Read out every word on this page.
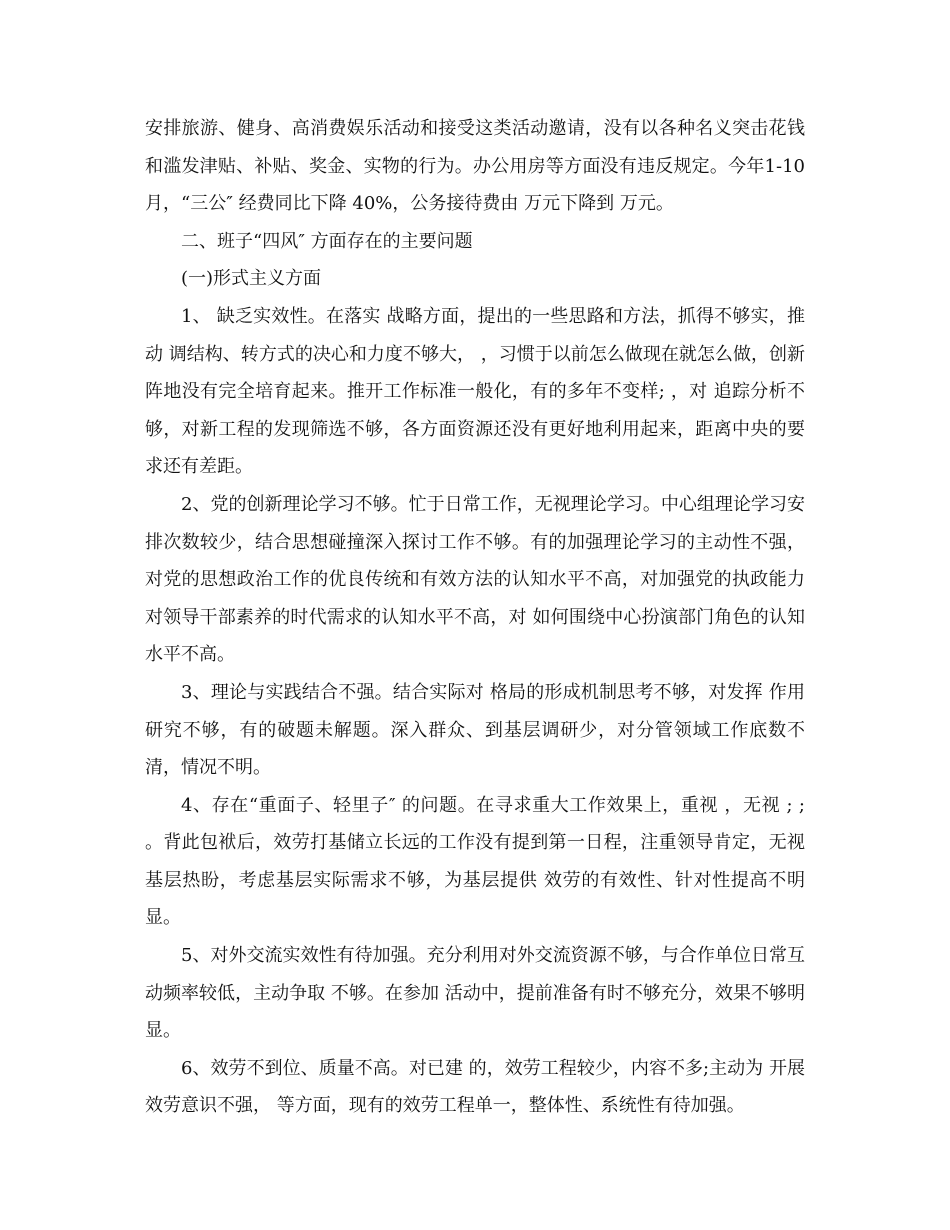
安排旅游、健身、高消费娱乐活动和接受这类活动邀请，没有以各种名义突击花钱和滥发津贴、补贴、奖金、实物的行为。办公用房等方面没有违反规定。今年1-10月，“三公″ 经费同比下降 40%，公务接待费由 万元下降到 万元。

二、班子“四风″ 方面存在的主要问题

(一)形式主义方面

1、 缺乏实效性。在落实 战略方面，提出的一些思路和方法，抓得不够实，推动 调结构、转方式的决心和力度不够大， ，习惯于以前怎么做现在就怎么做，创新阵地没有完全培育起来。推开工作标准一般化，有的多年不变样; ，对 追踪分析不够，对新工程的发现筛选不够，各方面资源还没有更好地利用起来，距离中央的要求还有差距。

2、党的创新理论学习不够。忙于日常工作，无视理论学习。中心组理论学习安排次数较少，结合思想碰撞深入探讨工作不够。有的加强理论学习的主动性不强，对党的思想政治工作的优良传统和有效方法的认知水平不高，对加强党的执政能力对领导干部素养的时代需求的认知水平不高，对 如何围绕中心扮演部门角色的认知水平不高。

3、理论与实践结合不强。结合实际对 格局的形成机制思考不够，对发挥 作用研究不够，有的破题未解题。深入群众、到基层调研少，对分管领域工作底数不清，情况不明。

4、存在“重面子、轻里子″ 的问题。在寻求重大工作效果上，重视 ，无视 ; ; 。背此包袱后，效劳打基储立长远的工作没有提到第一日程，注重领导肯定，无视基层热盼，考虑基层实际需求不够，为基层提供 效劳的有效性、针对性提高不明显。

5、对外交流实效性有待加强。充分利用对外交流资源不够，与合作单位日常互动频率较低，主动争取 不够。在参加 活动中，提前准备有时不够充分，效果不够明显。

6、效劳不到位、质量不高。对已建 的，效劳工程较少，内容不多;主动为 开展效劳意识不强， 等方面，现有的效劳工程单一，整体性、系统性有待加强。
